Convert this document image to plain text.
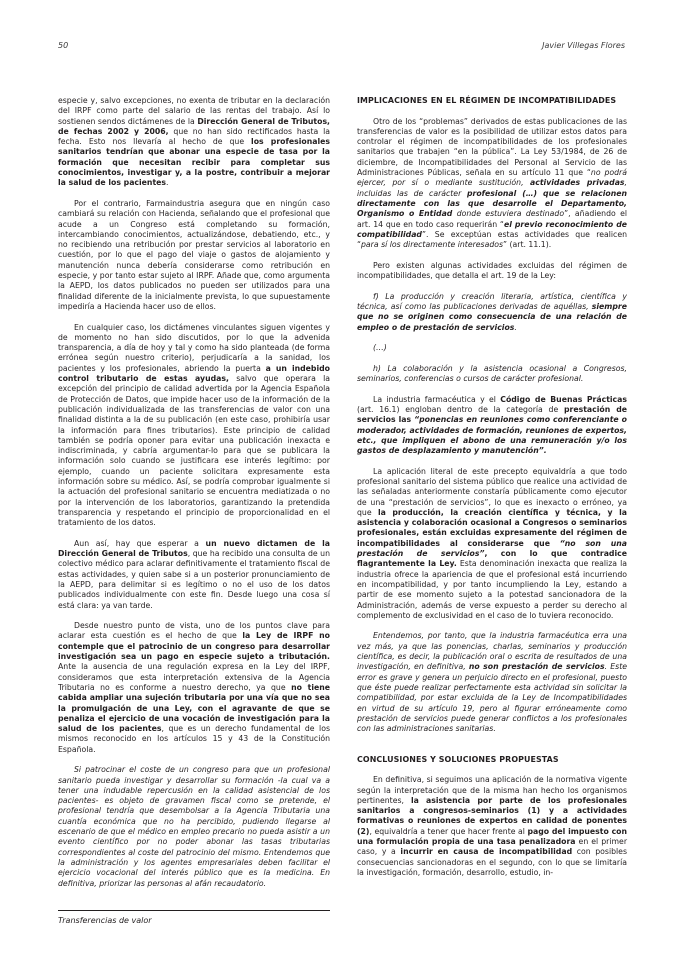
50	Javier Villegas Flores

especie y, salvo excepciones, no exenta de tributar en la declaración del IRPF como parte del salario de las rentas del trabajo. Así lo sostienen sendos dictámenes de la Dirección General de Tributos, de fechas 2002 y 2006, que no han sido rectificados hasta la fecha. Esto nos llevaría al hecho de que los profesionales sanitarios tendrían que abonar una especie de tasa por la formación que necesitan recibir para completar sus conocimientos, investigar y, a la postre, contribuir a mejorar la salud de los pacientes.

Por el contrario, Farmaindustria asegura que en ningún caso cambiará su relación con Hacienda, señalando que el profesional que acude a un Congreso está completando su formación, intercambiando conocimientos, actualizándose, debatiendo, etc., y no recibiendo una retribución por prestar servicios al laboratorio en cuestión, por lo que el pago del viaje o gastos de alojamiento y manutención nunca debería considerarse como retribución en especie, y por tanto estar sujeto al IRPF. Añade que, como argumenta la AEPD, los datos publicados no pueden ser utilizados para una finalidad diferente de la inicialmente prevista, lo que supuestamente impediría a Hacienda hacer uso de ellos.

En cualquier caso, los dictámenes vinculantes siguen vigentes y de momento no han sido discutidos, por lo que la advenida transparencia, a día de hoy y tal y como ha sido planteada (de forma errónea según nuestro criterio), perjudicaría a la sanidad, los pacientes y los profesionales, abriendo la puerta a un indebido control tributario de estas ayudas, salvo que operara la excepción del principio de calidad advertida por la Agencia Española de Protección de Datos, que impide hacer uso de la información de la publicación individualizada de las transferencias de valor con una finalidad distinta a la de su publicación (en este caso, prohibiría usar la información para fines tributarios). Este principio de calidad también se podría oponer para evitar una publicación inexacta e indiscriminada, y cabría argumentar-lo para que se publicara la información solo cuando se justificara ese interés legítimo: por ejemplo, cuando un paciente solicitara expresamente esta información sobre su médico. Así, se podría comprobar igualmente si la actuación del profesional sanitario se encuentra mediatizada o no por la intervención de los laboratorios, garantizando la pretendida transparencia y respetando el principio de proporcionalidad en el tratamiento de los datos.

Aun así, hay que esperar a un nuevo dictamen de la Dirección General de Tributos, que ha recibido una consulta de un colectivo médico para aclarar definitivamente el tratamiento fiscal de estas actividades, y quien sabe si a un posterior pronunciamiento de la AEPD, para delimitar si es legítimo o no el uso de los datos publicados individualmente con este fin. Desde luego una cosa sí está clara: ya van tarde.

Desde nuestro punto de vista, uno de los puntos clave para aclarar esta cuestión es el hecho de que la Ley de IRPF no contemple que el patrocinio de un congreso para desarrollar investigación sea un pago en especie sujeto a tributación. Ante la ausencia de una regulación expresa en la Ley del IRPF, consideramos que esta interpretación extensiva de la Agencia Tributaria no es conforme a nuestro derecho, ya que no tiene cabida ampliar una sujeción tributaria por una vía que no sea la promulgación de una Ley, con el agravante de que se penaliza el ejercicio de una vocación de investigación para la salud de los pacientes, que es un derecho fundamental de los mismos reconocido en los artículos 15 y 43 de la Constitución Española.

Si patrocinar el coste de un congreso para que un profesional sanitario pueda investigar y desarrollar su formación -la cual va a tener una indudable repercusión en la calidad asistencial de los pacientes- es objeto de gravamen fiscal como se pretende, el profesional tendría que desembolsar a la Agencia Tributaria una cuantía económica que no ha percibido, pudiendo llegarse al escenario de que el médico en empleo precario no pueda asistir a un evento científico por no poder abonar las tasas tributarias correspondientes al coste del patrocinio del mismo. Entendemos que la administración y los agentes empresariales deben facilitar el ejercicio vocacional del interés público que es la medicina. En definitiva, priorizar las personas al afán recaudatorio.

IMPLICACIONES EN EL RÉGIMEN DE INCOMPATIBILIDADES

Otro de los “problemas” derivados de estas publicaciones de las transferencias de valor es la posibilidad de utilizar estos datos para controlar el régimen de incompatibilidades de los profesionales sanitarios que trabajen “en la pública”. La Ley 53/1984, de 26 de diciembre, de Incompatibilidades del Personal al Servicio de las Administraciones Públicas, señala en su artículo 11 que “no podrá ejercer, por sí o mediante sustitución, actividades privadas, incluidas las de carácter profesional (…) que se relacionen directamente con las que desarrolle el Departamento, Organismo o Entidad donde estuviera destinado”, añadiendo el art. 14 que en todo caso requerirán “el previo reconocimiento de compatibilidad”. Se exceptúan estas actividades que realicen “para sí los directamente interesados” (art. 11.1).

Pero existen algunas actividades excluidas del régimen de incompatibilidades, que detalla el art. 19 de la Ley:

f) La producción y creación literaria, artística, científica y técnica, así como las publicaciones derivadas de aquéllas, siempre que no se originen como consecuencia de una relación de empleo o de prestación de servicios.

(…)

h) La colaboración y la asistencia ocasional a Congresos, seminarios, conferencias o cursos de carácter profesional.

La industria farmacéutica y el Código de Buenas Prácticas (art. 16.1) engloban dentro de la categoría de prestación de servicios las “ponencias en reuniones como conferenciante o moderador, actividades de formación, reuniones de expertos, etc., que impliquen el abono de una remuneración y/o los gastos de desplazamiento y manutención”.

La aplicación literal de este precepto equivaldría a que todo profesional sanitario del sistema público que realice una actividad de las señaladas anteriormente constaría públicamente como ejecutor de una “prestación de servicios”, lo que es inexacto o erróneo, ya que la producción, la creación científica y técnica, y la asistencia y colaboración ocasional a Congresos o seminarios profesionales, están excluidas expresamente del régimen de incompatibilidades al considerarse que “no son una prestación de servicios”, con lo que contradice flagrantemente la Ley. Esta denominación inexacta que realiza la industria ofrece la apariencia de que el profesional está incurriendo en incompatibilidad, y por tanto incumpliendo la Ley, estando a partir de ese momento sujeto a la potestad sancionadora de la Administración, además de verse expuesto a perder su derecho al complemento de exclusividad en el caso de lo tuviera reconocido.

Entendemos, por tanto, que la industria farmacéutica erra una vez más, ya que las ponencias, charlas, seminarios y producción científica, es decir, la publicación oral o escrita de resultados de una investigación, en definitiva, no son prestación de servicios. Este error es grave y genera un perjuicio directo en el profesional, puesto que éste puede realizar perfectamente esta actividad sin solicitar la compatibilidad, por estar excluida de la Ley de Incompatibilidades en virtud de su artículo 19, pero al figurar erróneamente como prestación de servicios puede generar conflictos a los profesionales con las administraciones sanitarias.

CONCLUSIONES Y SOLUCIONES PROPUESTAS

En definitiva, si seguimos una aplicación de la normativa vigente según la interpretación que de la misma han hecho los organismos pertinentes, la asistencia por parte de los profesionales sanitarios a congresos-seminarios (1) y a actividades formativas o reuniones de expertos en calidad de ponentes (2), equivaldría a tener que hacer frente al pago del impuesto con una formulación propia de una tasa penalizadora en el primer caso, y a incurrir en causa de incompatibilidad con posibles consecuencias sancionadoras en el segundo, con lo que se limitaría la investigación, formación, desarrollo, estudio, in-

Transferencias de valor
